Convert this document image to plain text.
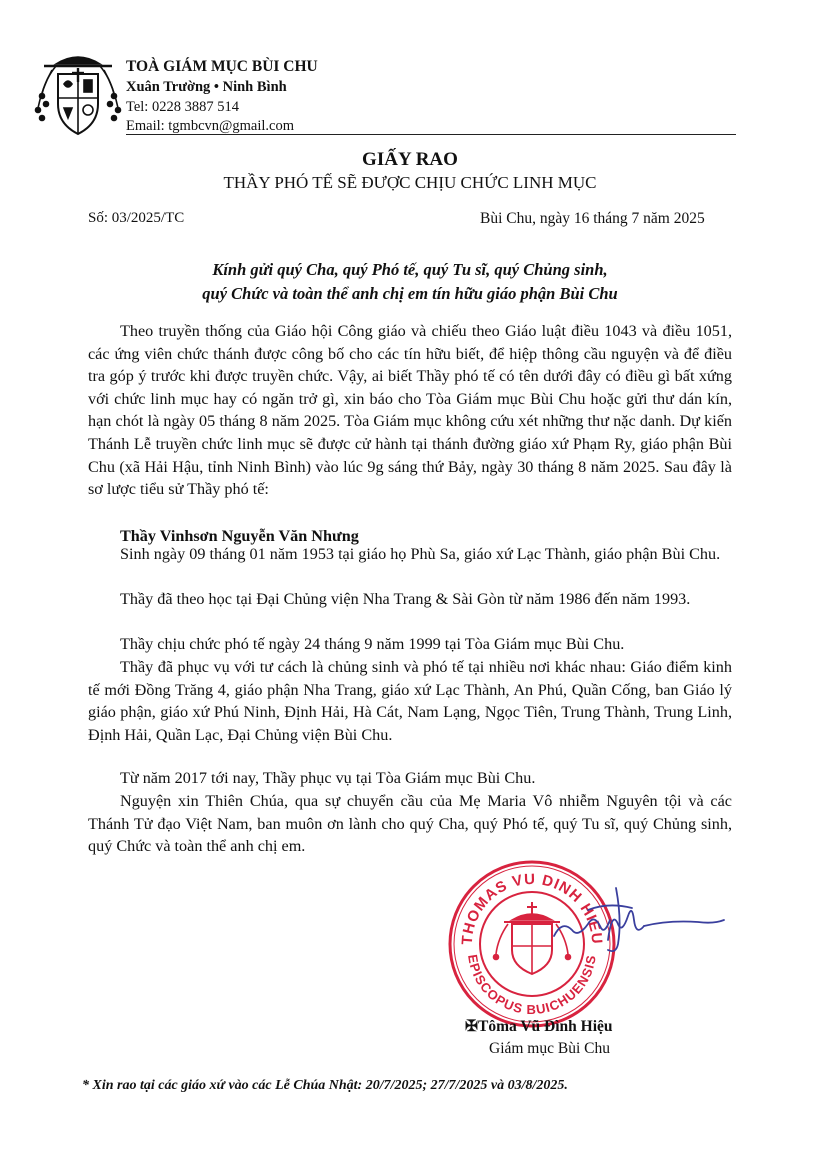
TOÀ GIÁM MỤC BÙI CHU
Xuân Trường • Ninh Bình
Tel: 0228 3887 514
Email: tgmbcvn@gmail.com
GIẤY RAO
THẦY PHÓ TẾ SẼ ĐƯỢC CHỊU CHỨC LINH MỤC
Số: 03/2025/TC	Bùi Chu, ngày 16 tháng 7 năm 2025
Kính gửi quý Cha, quý Phó tế, quý Tu sĩ, quý Chủng sinh,
quý Chức và toàn thể anh chị em tín hữu giáo phận Bùi Chu
Theo truyền thống của Giáo hội Công giáo và chiếu theo Giáo luật điều 1043 và điều 1051, các ứng viên chức thánh được công bố cho các tín hữu biết, để hiệp thông cầu nguyện và để điều tra góp ý trước khi được truyền chức. Vậy, ai biết Thầy phó tế có tên dưới đây có điều gì bất xứng với chức linh mục hay có ngăn trở gì, xin báo cho Tòa Giám mục Bùi Chu hoặc gửi thư dán kín, hạn chót là ngày 05 tháng 8 năm 2025. Tòa Giám mục không cứu xét những thư nặc danh. Dự kiến Thánh Lễ truyền chức linh mục sẽ được cử hành tại thánh đường giáo xứ Phạm Ry, giáo phận Bùi Chu (xã Hải Hậu, tỉnh Ninh Bình) vào lúc 9g sáng thứ Bảy, ngày 30 tháng 8 năm 2025. Sau đây là sơ lược tiểu sử Thầy phó tế:
Thầy Vinhsơn Nguyễn Văn Nhưng
Sinh ngày 09 tháng 01 năm 1953 tại giáo họ Phù Sa, giáo xứ Lạc Thành, giáo phận Bùi Chu.
Thầy đã theo học tại Đại Chủng viện Nha Trang & Sài Gòn từ năm 1986 đến năm 1993.
Thầy chịu chức phó tế ngày 24 tháng 9 năm 1999 tại Tòa Giám mục Bùi Chu.
Thầy đã phục vụ với tư cách là chủng sinh và phó tế tại nhiều nơi khác nhau: Giáo điểm kinh tế mới Đồng Trăng 4, giáo phận Nha Trang, giáo xứ Lạc Thành, An Phú, Quần Cống, ban Giáo lý giáo phận, giáo xứ Phú Ninh, Định Hải, Hà Cát, Nam Lạng, Ngọc Tiên, Trung Thành, Trung Linh, Định Hải, Quần Lạc, Đại Chủng viện Bùi Chu.
Từ năm 2017 tới nay, Thầy phục vụ tại Tòa Giám mục Bùi Chu.
Nguyện xin Thiên Chúa, qua sự chuyển cầu của Mẹ Maria Vô nhiễm Nguyên tội và các Thánh Tử đạo Việt Nam, ban muôn ơn lành cho quý Cha, quý Phó tế, quý Tu sĩ, quý Chủng sinh, quý Chức và toàn thể anh chị em.
THOMAS VU DINH HIEU
EPISCOPUS BUICHUENSIS
✠Tôma Vũ Đình Hiệu
Giám mục Bùi Chu
* Xin rao tại các giáo xứ vào các Lễ Chúa Nhật: 20/7/2025; 27/7/2025 và 03/8/2025.
